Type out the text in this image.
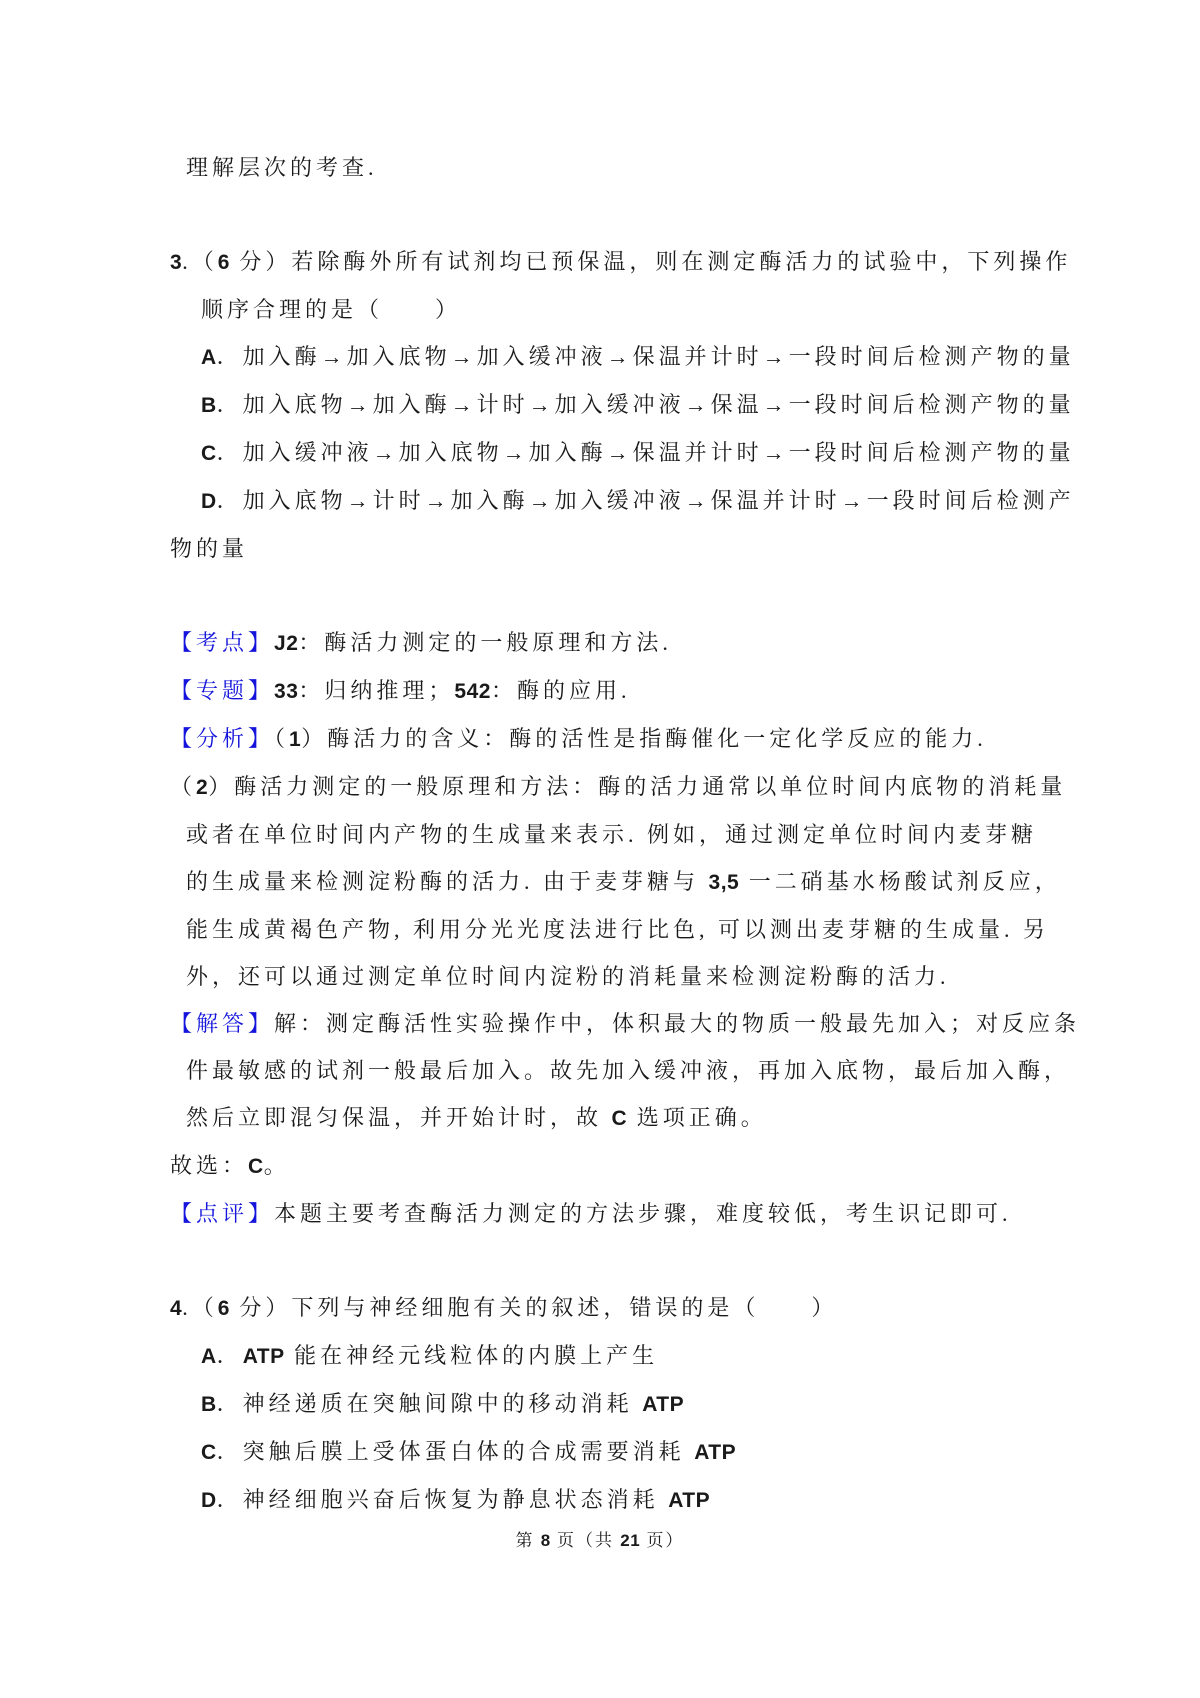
理解层次的考查.
3.（6 分）若除酶外所有试剂均已预保温，则在测定酶活力的试验中，下列操作
顺序合理的是（　　）
A．加入酶→加入底物→加入缓冲液→保温并计时→一段时间后检测产物的量
B．加入底物→加入酶→计时→加入缓冲液→保温→一段时间后检测产物的量
C．加入缓冲液→加入底物→加入酶→保温并计时→一段时间后检测产物的量
D．加入底物→计时→加入酶→加入缓冲液→保温并计时→一段时间后检测产
物的量
【考点】J2：酶活力测定的一般原理和方法.
【专题】33：归纳推理；542：酶的应用.
【分析】（1）酶活力的含义：酶的活性是指酶催化一定化学反应的能力.
（2）酶活力测定的一般原理和方法：酶的活力通常以单位时间内底物的消耗量
或者在单位时间内产物的生成量来表示. 例如，通过测定单位时间内麦芽糖
的生成量来检测淀粉酶的活力. 由于麦芽糖与 3,5 一二硝基水杨酸试剂反应，
能生成黄褐色产物, 利用分光光度法进行比色, 可以测出麦芽糖的生成量. 另
外，还可以通过测定单位时间内淀粉的消耗量来检测淀粉酶的活力.
【解答】解：测定酶活性实验操作中，体积最大的物质一般最先加入；对反应条
件最敏感的试剂一般最后加入。故先加入缓冲液，再加入底物，最后加入酶，
然后立即混匀保温，并开始计时，故 C 选项正确。
故选：C。
【点评】本题主要考查酶活力测定的方法步骤，难度较低，考生识记即可.
4.（6 分）下列与神经细胞有关的叙述，错误的是（　　）
A．ATP 能在神经元线粒体的内膜上产生
B．神经递质在突触间隙中的移动消耗 ATP
C．突触后膜上受体蛋白体的合成需要消耗 ATP
D．神经细胞兴奋后恢复为静息状态消耗 ATP
第 8 页（共 21 页）
